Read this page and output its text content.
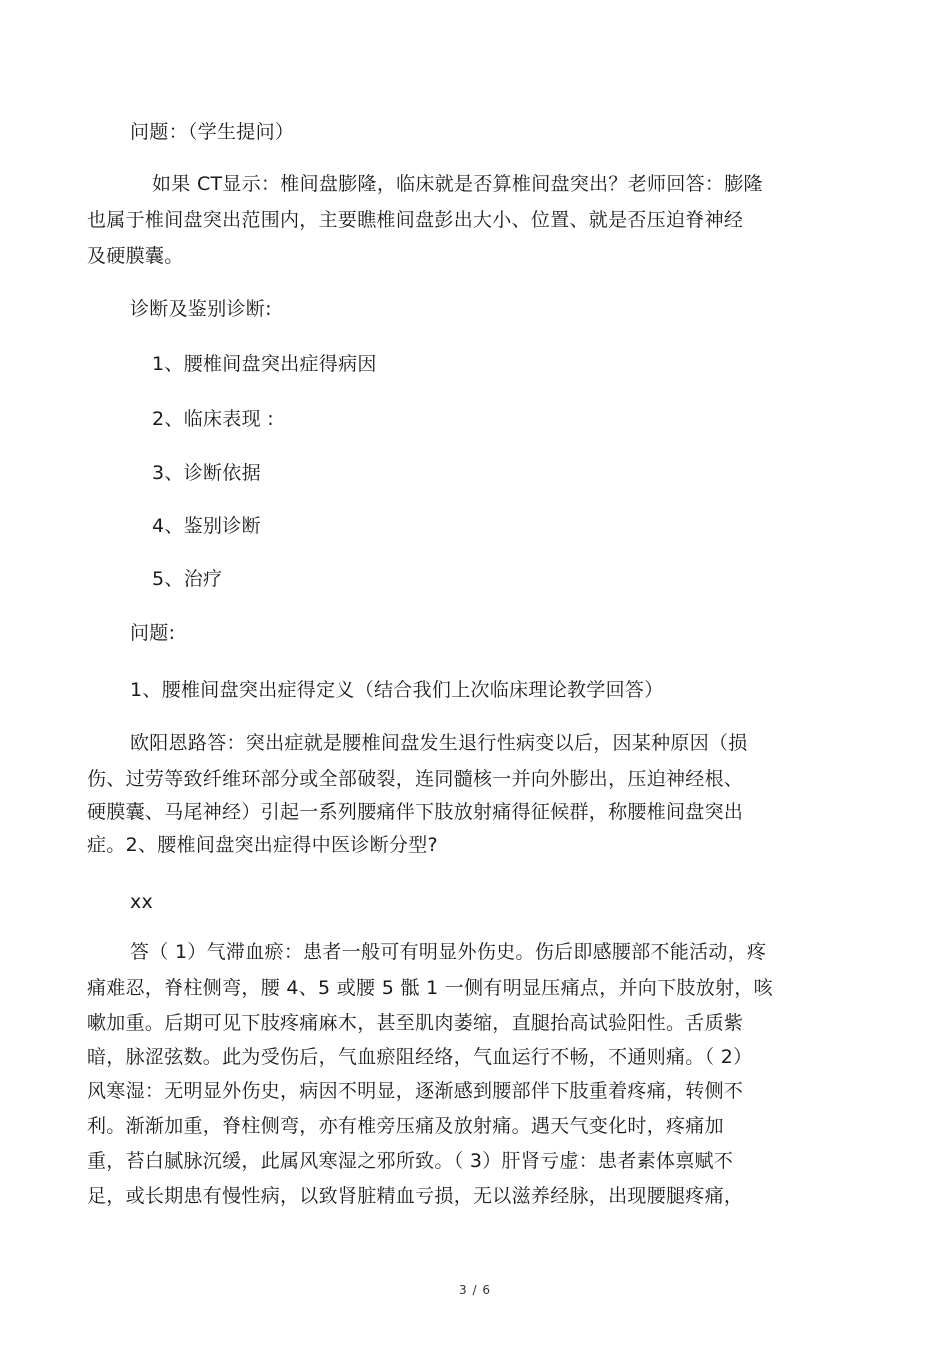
问题：（学生提问）
如果 CT显示：椎间盘膨隆，临床就是否算椎间盘突出？老师回答：膨隆
也属于椎间盘突出范围内，主要瞧椎间盘彭出大小、位置、就是否压迫脊神经
及硬膜囊。
诊断及鉴别诊断:
1、腰椎间盘突出症得病因
2、临床表现 :
3、诊断依据
4、鉴别诊断
5、治疗
问题:
1、腰椎间盘突出症得定义（结合我们上次临床理论教学回答）
欧阳恩路答：突出症就是腰椎间盘发生退行性病变以后，因某种原因（损
伤、过劳等致纤维环部分或全部破裂，连同髓核一并向外膨出，压迫神经根、
硬膜囊、马尾神经）引起一系列腰痛伴下肢放射痛得征候群，称腰椎间盘突出
症。2、腰椎间盘突出症得中医诊断分型?
xx
答（ 1）气滞血瘀：患者一般可有明显外伤史。伤后即感腰部不能活动，疼
痛难忍，脊柱侧弯，腰 4、5 或腰 5 骶 1 一侧有明显压痛点，并向下肢放射，咳
嗽加重。后期可见下肢疼痛麻木，甚至肌肉萎缩，直腿抬高试验阳性。舌质紫
暗，脉涩弦数。此为受伤后，气血瘀阻经络，气血运行不畅，不通则痛。（ 2）
风寒湿：无明显外伤史，病因不明显，逐渐感到腰部伴下肢重着疼痛，转侧不
利。渐渐加重，脊柱侧弯，亦有椎旁压痛及放射痛。遇天气变化时，疼痛加
重，苔白腻脉沉缓，此属风寒湿之邪所致。（ 3）肝肾亏虚：患者素体禀赋不
足，或长期患有慢性病，以致肾脏精血亏损，无以滋养经脉，出现腰腿疼痛，
3 / 6
